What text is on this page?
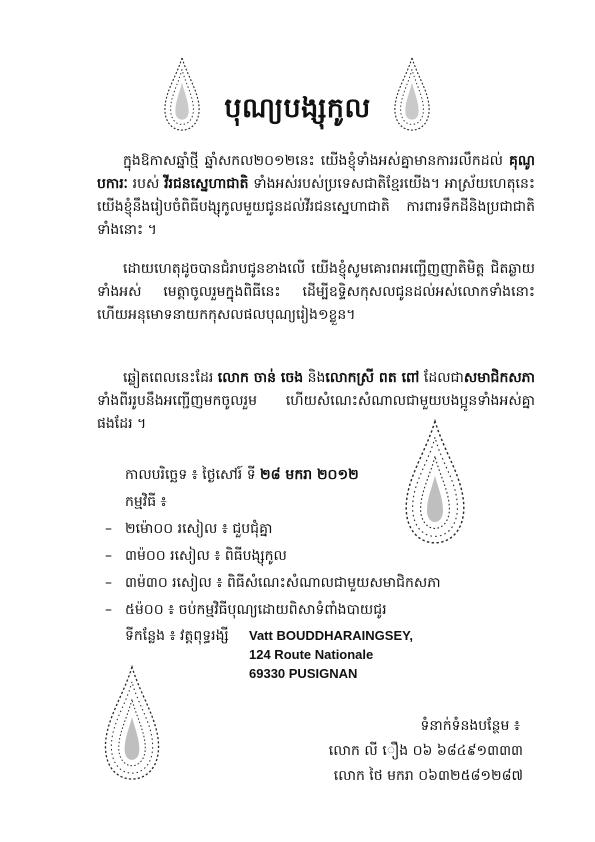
បុណ្យបង្សុកូល
ក្នុងឱកាសឆ្នាំថ្មី ឆ្នាំសកល២០១២នេះ យើងខ្ញុំទាំងអស់គ្នាមានការរលឹកដល់ គុណូបការៈ របស់ វីរជនស្នេហាជាតិ ទាំងអស់របស់ប្រទេសជាតិខ្មែរយើង។ អាស្រ័យហេតុនេះ យើងខ្ញុំនឹងរៀបចំពិធីបង្សុកូលមួយជូនដល់វីរជនស្នេហាជាតិ ការពារទឹកដីនិងប្រជាជាតិទាំងនោះ ។
ដោយហេតុដូចបានជំរាបជូនខាងលើ យើងខ្ញុំសូមគោរពអញ្ជើញញាតិមិត្ត ជិតឆ្ងាយទាំងអស់ មេត្តាចូលរួមក្នុងពិធីនេះ ដើម្បីឧទ្ទិសកុសលជូនដល់អស់លោកទាំងនោះ ហើយអនុមោទនាយកកុសលផលបុណ្យរៀង១ខ្លួន។
ឆ្លៀតពេលនេះដែរ លោក ចាន់ ចេង និងលោកស្រី ពត ពៅ ដែលជាសមាជិកសភាទាំងពីររូបនឹងអញ្ជើញមកចូលរួម ហើយសំណេះសំណាលជាមួយបងប្អូនទាំងអស់គ្នាផងដែរ ។
កាលបរិច្ឆេទ ៖ ថ្ងៃសៅរ៍ ទី ២៨ មករា ២០១២
កម្មវិធី ៖
– ២ម៉ោ០០ រសៀល ៖ ជួបជុំគ្នា
– ៣ម៉០០ រសៀល ៖ ពិធីបង្សុកូល
– ៣ម៉៣០ រសៀល ៖ ពិធីសំណេះសំណាលជាមួយសមាជិកសភា
– ៥ម៉០០ ៖ ចប់កម្មវិធីបុណ្យដោយពិសាទំពាំងបាយជូរ
ទីកន្លែង ៖ វត្តពុទ្ធរង្សី Vatt BOUDDHARAINGSEY,
124 Route Nationale
69330 PUSIGNAN
ទំនាក់ទំនងបន្ថែម ៖
លោក លី ឿង ០៦ ៦៨៤៩១៣៣៣
លោក ថៃ មករា ០៦៣២៥៨១២៨៧
